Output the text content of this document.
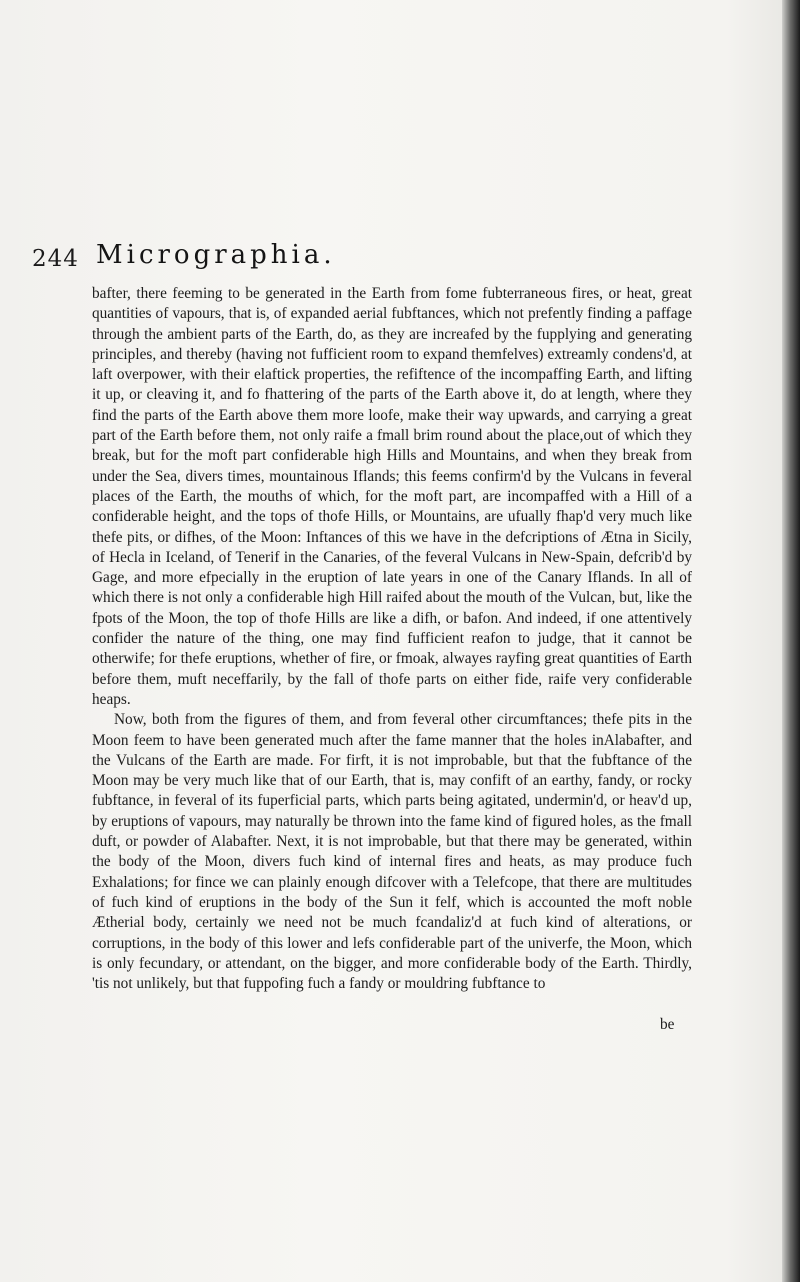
244 Micrographia.

bafter, there feeming to be generated in the Earth from fome fubterraneous fires, or heat, great quantities of vapours, that is, of expanded aerial fubftances, which not prefently finding a paffage through the ambient parts of the Earth, do, as they are increafed by the fupplying and generating principles, and thereby (having not fufficient room to expand themfelves) extreamly condens'd, at laft overpower, with their elaftick properties, the refiftence of the incompaffing Earth, and lifting it up, or cleaving it, and fo fhattering of the parts of the Earth above it, do at length, where they find the parts of the Earth above them more loofe, make their way upwards, and carrying a great part of the Earth before them, not only raife a fmall brim round about the place,out of which they break, but for the moft part confiderable high Hills and Mountains, and when they break from under the Sea, divers times, mountainous Iflands; this feems confirm'd by the Vulcans in feveral places of the Earth, the mouths of which, for the moft part, are incompaffed with a Hill of a confiderable height, and the tops of thofe Hills, or Mountains, are ufually fhap'd very much like thefe pits, or difhes, of the Moon: Inftances of this we have in the defcriptions of Ætna in Sicily, of Hecla in Iceland, of Tenerif in the Canaries, of the feveral Vulcans in New-Spain, defcrib'd by Gage, and more efpecially in the eruption of late years in one of the Canary Iflands. In all of which there is not only a confiderable high Hill raifed about the mouth of the Vulcan, but, like the fpots of the Moon, the top of thofe Hills are like a difh, or bafon. And indeed, if one attentively confider the nature of the thing, one may find fufficient reafon to judge, that it cannot be otherwife; for thefe eruptions, whether of fire, or fmoak, alwayes rayfing great quantities of Earth before them, muft neceffarily, by the fall of thofe parts on either fide, raife very confiderable heaps.

Now, both from the figures of them, and from feveral other circumftances; thefe pits in the Moon feem to have been generated much after the fame manner that the holes inAlabafter, and the Vulcans of the Earth are made. For firft, it is not improbable, but that the fubftance of the Moon may be very much like that of our Earth, that is, may confift of an earthy, fandy, or rocky fubftance, in feveral of its fuperficial parts, which parts being agitated, undermin'd, or heav'd up, by eruptions of vapours, may naturally be thrown into the fame kind of figured holes, as the fmall duft, or powder of Alabafter. Next, it is not improbable, but that there may be generated, within the body of the Moon, divers fuch kind of internal fires and heats, as may produce fuch Exhalations; for fince we can plainly enough difcover with a Telefcope, that there are multitudes of fuch kind of eruptions in the body of the Sun it felf, which is accounted the moft noble Ætherial body, certainly we need not be much fcandaliz'd at fuch kind of alterations, or corruptions, in the body of this lower and lefs confiderable part of the univerfe, the Moon, which is only fecundary, or attendant, on the bigger, and more confiderable body of the Earth. Thirdly, 'tis not unlikely, but that fuppofing fuch a fandy or mouldring fubftance to

be
